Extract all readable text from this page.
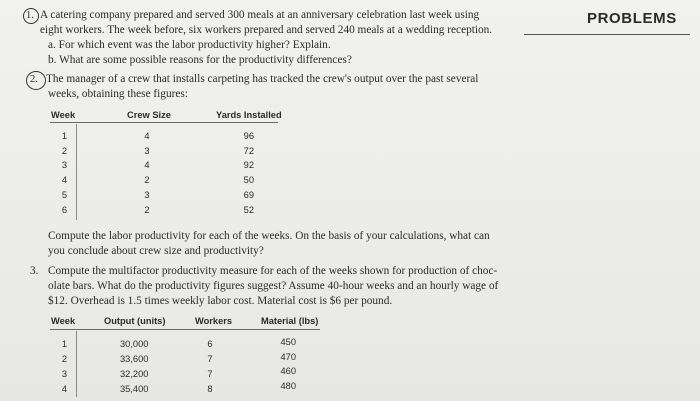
PROBLEMS
1. A catering company prepared and served 300 meals at an anniversary celebration last week using
eight workers. The week before, six workers prepared and served 240 meals at a wedding reception.
a. For which event was the labor productivity higher? Explain.
b. What are some possible reasons for the productivity differences?
2. The manager of a crew that installs carpeting has tracked the crew's output over the past several
weeks, obtaining these figures:
Week	Crew Size	Yards Installed
1	4	96
2	3	72
3	4	92
4	2	50
5	3	69
6	2	52
Compute the labor productivity for each of the weeks. On the basis of your calculations, what can
you conclude about crew size and productivity?
3. Compute the multifactor productivity measure for each of the weeks shown for production of choc-
olate bars. What do the productivity figures suggest? Assume 40-hour weeks and an hourly wage of
$12. Overhead is 1.5 times weekly labor cost. Material cost is $6 per pound.
Week	Output (units)	Workers	Material (lbs)
1	30,000	6	450
2	33,600	7	470
3	32,200	7	460
4	35,400	8	480
